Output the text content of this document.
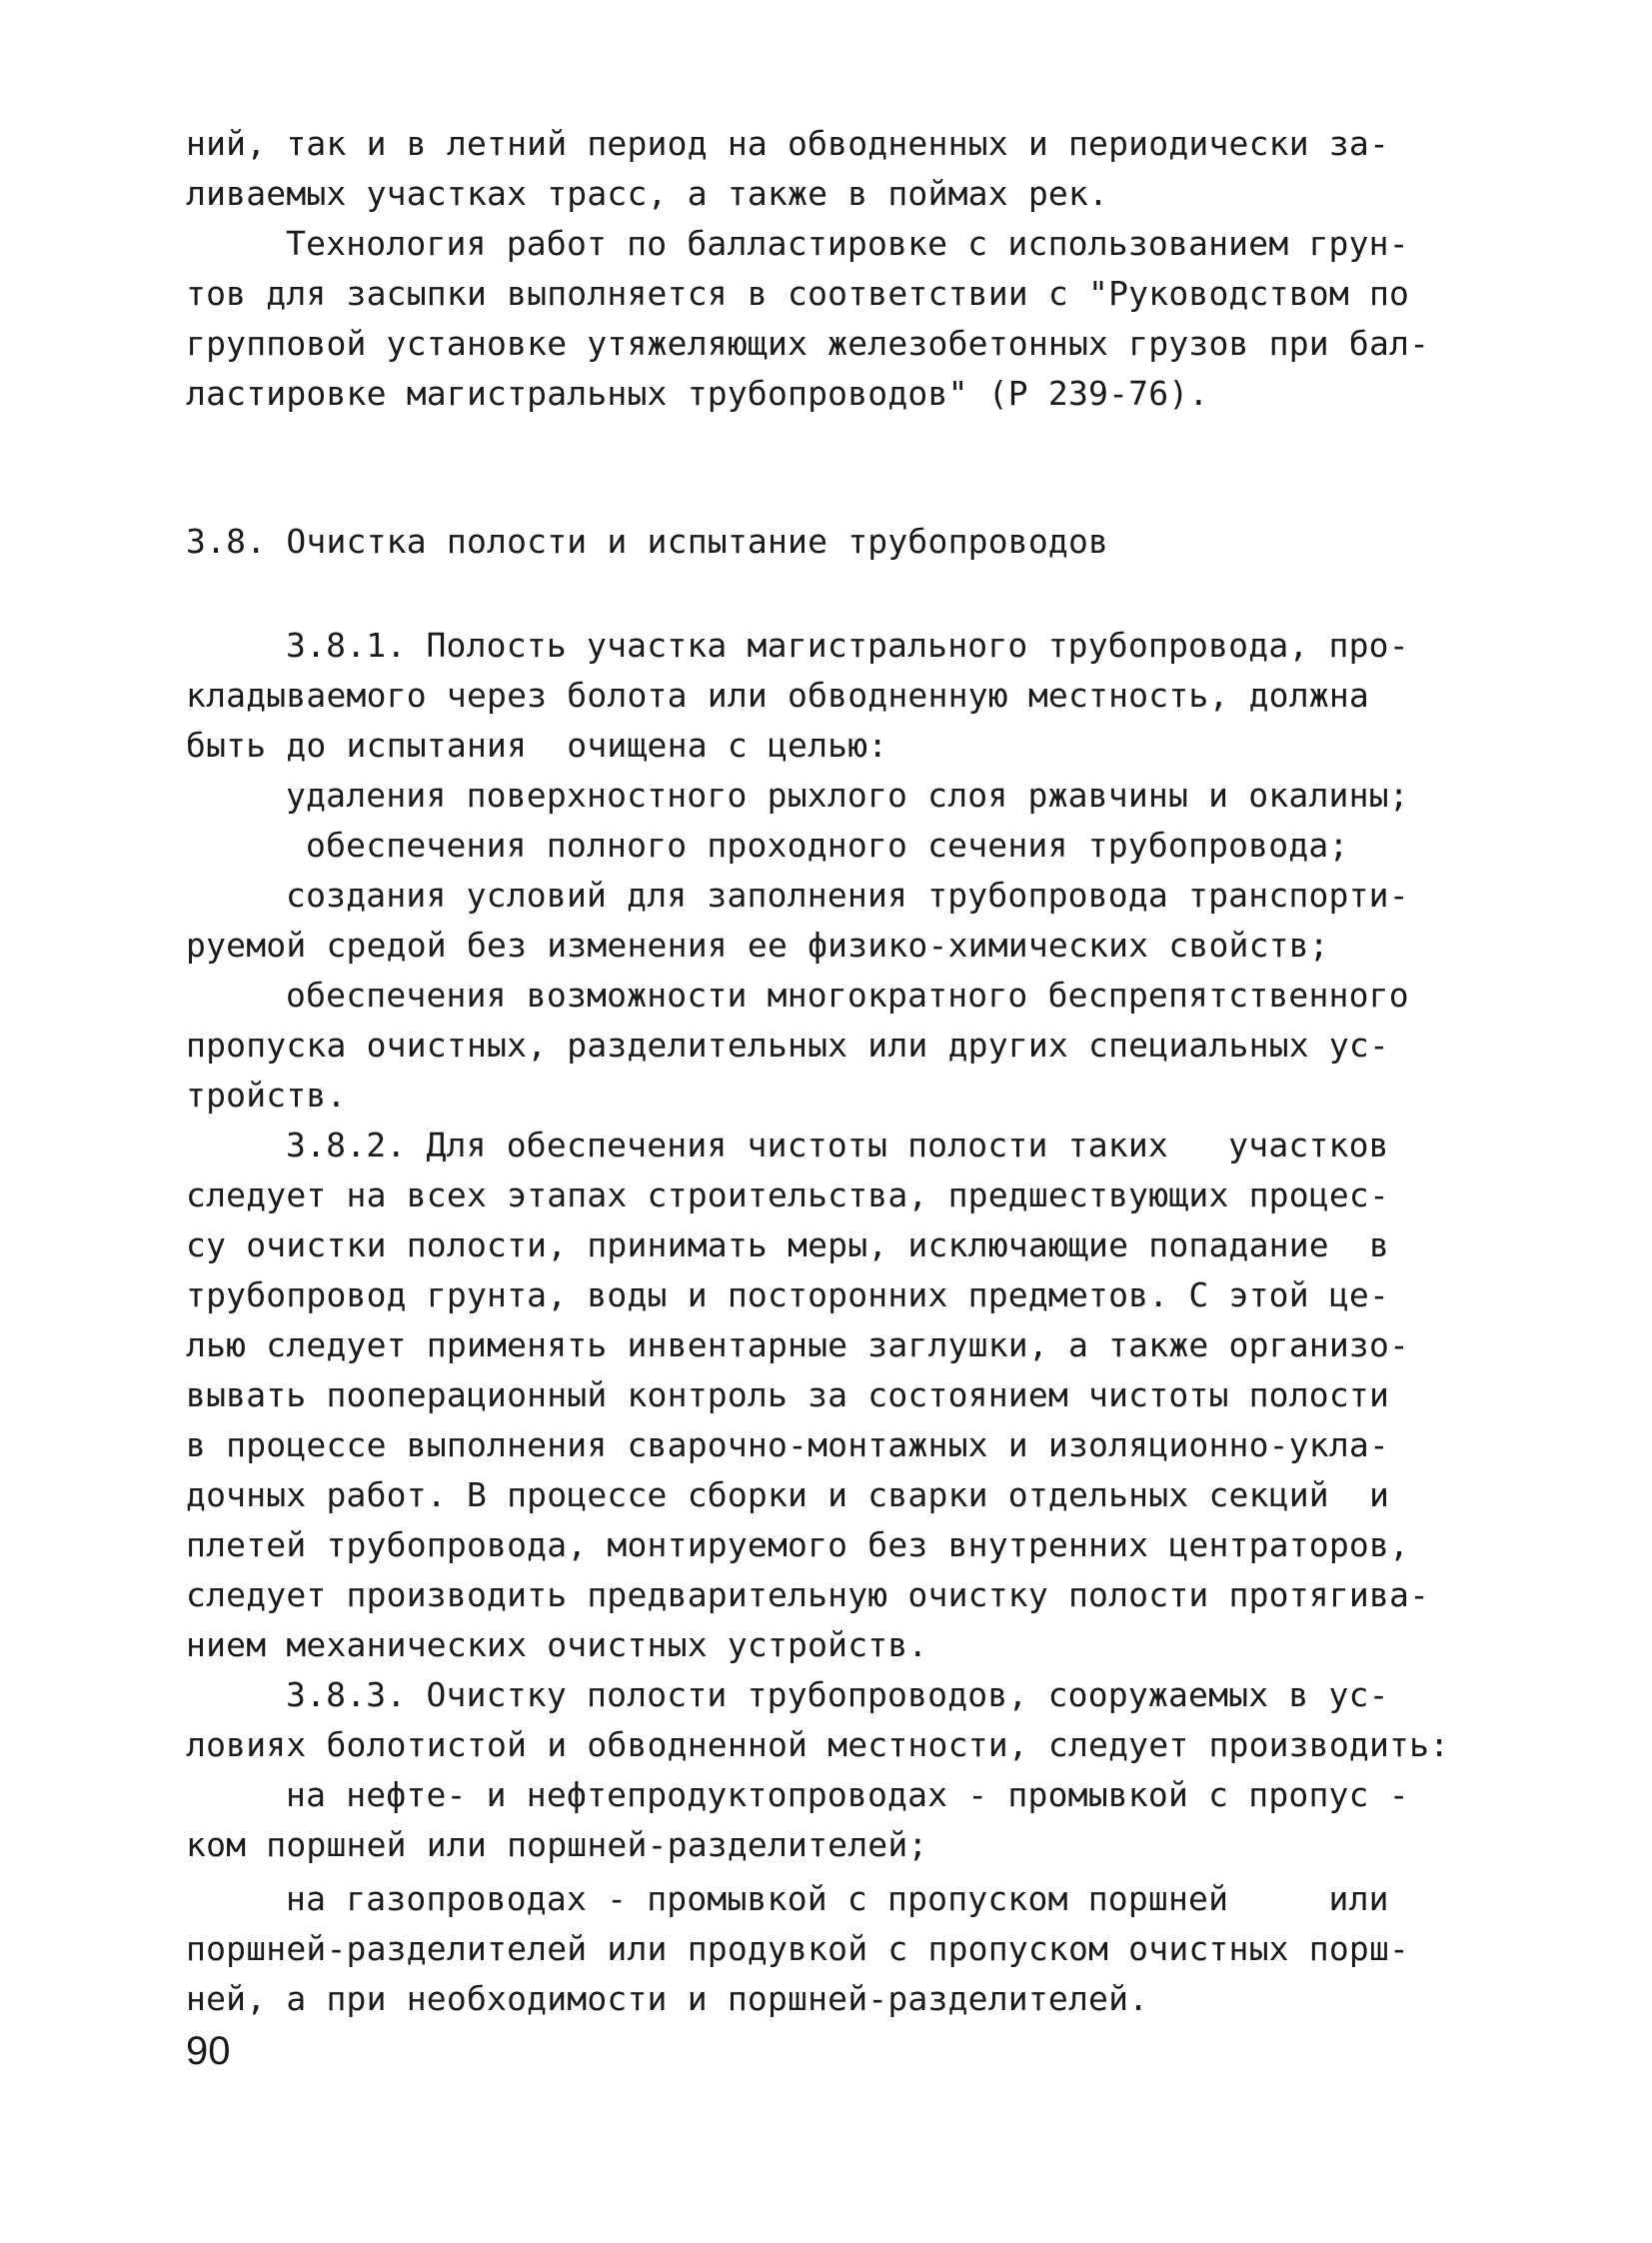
ний, так и в летний период на обводненных и периодически за-
ливаемых участках трасс, а также в поймах рек.
Технология работ по балластировке с использованием грун-
тов для засыпки выполняется в соответствии с "Руководством по
групповой установке утяжеляющих железобетонных грузов при бал-
ластировке магистральных трубопроводов" (Р 239-76).
3.8. Очистка полости и испытание трубопроводов
3.8.1. Полость участка магистрального трубопровода, про-
кладываемого через болота или обводненную местность, должна
быть до испытания  очищена с целью:
удаления поверхностного рыхлого слоя ржавчины и окалины;
обеспечения полного проходного сечения трубопровода;
создания условий для заполнения трубопровода транспорти-
руемой средой без изменения ее физико-химических свойств;
обеспечения возможности многократного беспрепятственного
пропуска очистных, разделительных или других специальных ус-
тройств.
3.8.2. Для обеспечения чистоты полости таких   участков
следует на всех этапах строительства, предшествующих процес-
су очистки полости, принимать меры, исключающие попадание  в
трубопровод грунта, воды и посторонних предметов. С этой це-
лью следует применять инвентарные заглушки, а также организо-
вывать пооперационный контроль за состоянием чистоты полости
в процессе выполнения сварочно-монтажных и изоляционно-укла-
дочных работ. В процессе сборки и сварки отдельных секций  и
плетей трубопровода, монтируемого без внутренних центраторов,
следует производить предварительную очистку полости протягива-
нием механических очистных устройств.
3.8.3. Очистку полости трубопроводов, сооружаемых в ус-
ловиях болотистой и обводненной местности, следует производить:
на нефте- и нефтепродуктопроводах - промывкой с пропус -
ком поршней или поршней-разделителей;
на газопроводах - промывкой с пропуском поршней     или
поршней-разделителей или продувкой с пропуском очистных порш-
ней, а при необходимости и поршней-разделителей.
90
